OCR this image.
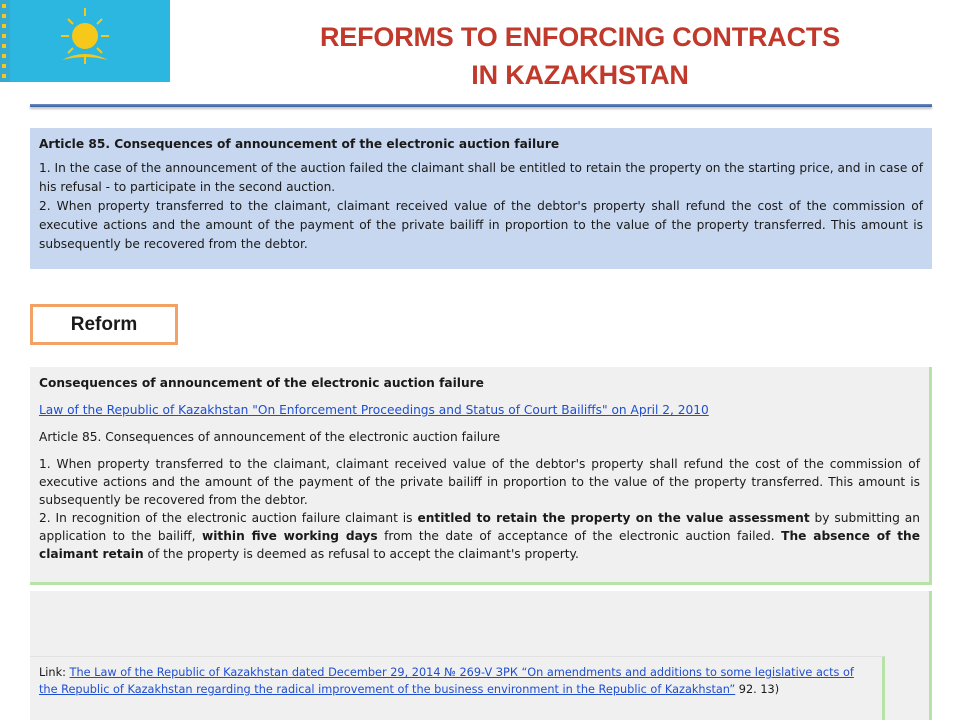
REFORMS TO ENFORCING CONTRACTS
IN KAZAKHSTAN
Article 85. Consequences of announcement of the electronic auction failure

1. In the case of the announcement of the auction failed the claimant shall be entitled to retain the property on the starting price, and in case of his refusal - to participate in the second auction.

2. When property transferred to the claimant, claimant received value of the debtor's property shall refund the cost of the commission of executive actions and the amount of the payment of the private bailiff in proportion to the value of the property transferred. This amount is subsequently be recovered from the debtor.

Reform
Consequences of announcement of the electronic auction failure
Law of the Republic of Kazakhstan "On Enforcement Proceedings and Status of Court Bailiffs" on April 2, 2010
Article 85. Consequences of announcement of the electronic auction failure

1. When property transferred to the claimant, claimant received value of the debtor's property shall refund the cost of the commission of executive actions and the amount of the payment of the private bailiff in proportion to the value of the property transferred. This amount is subsequently be recovered from the debtor.

2. In recognition of the electronic auction failure claimant is entitled to retain the property on the value assessment by submitting an application to the bailiff, within five working days from the date of acceptance of the electronic auction failed. The absence of the claimant retain of the property is deemed as refusal to accept the claimant's property.

Link: The Law of the Republic of Kazakhstan dated December 29, 2014 № 269-V ЗРК “On amendments and additions to some legislative acts of the Republic of Kazakhstan regarding the radical improvement of the business environment in the Republic of Kazakhstan” 92. 13)
